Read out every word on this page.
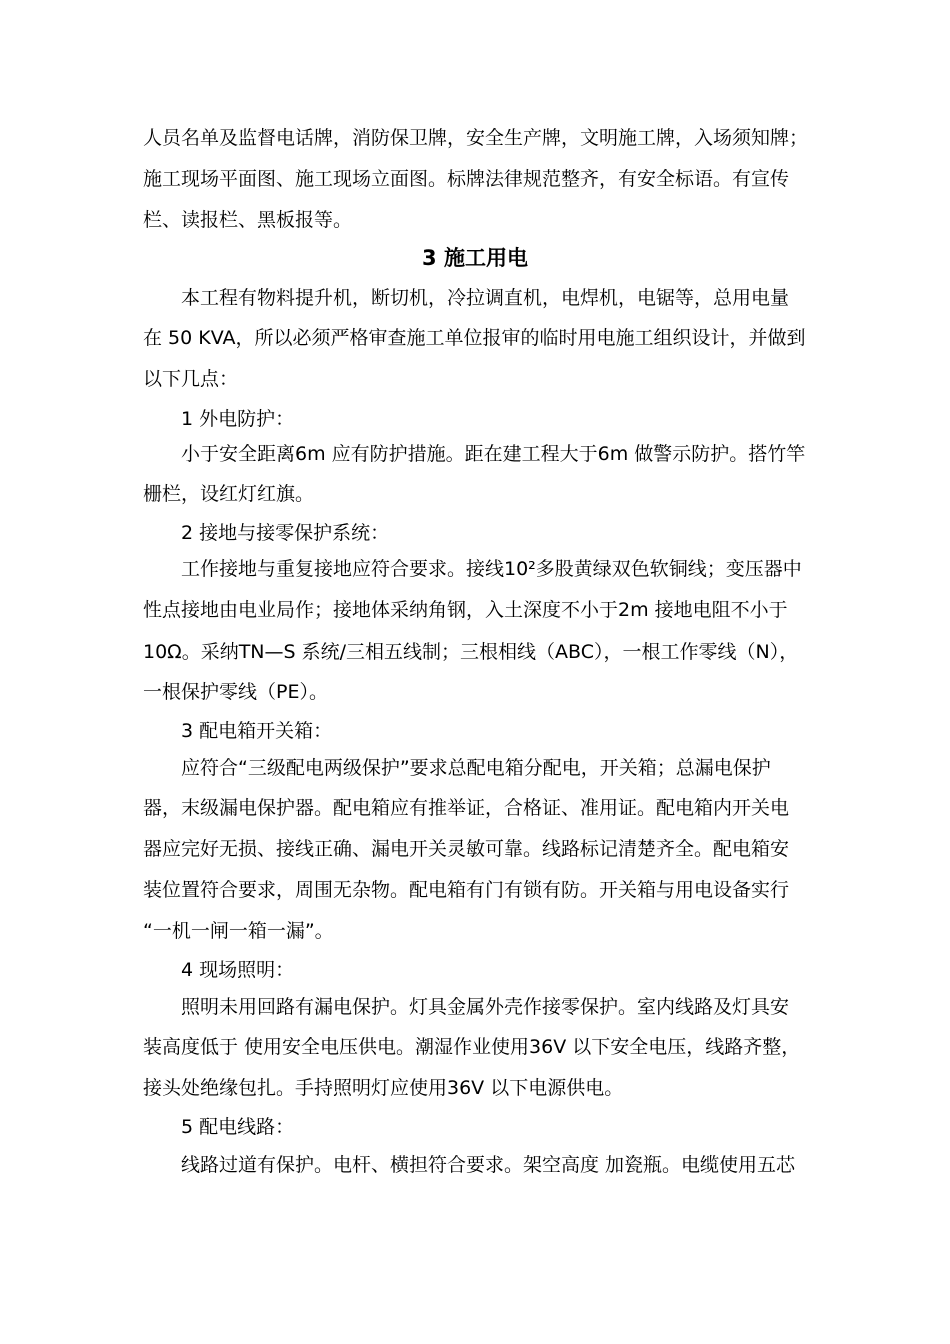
人员名单及监督电话牌，消防保卫牌，安全生产牌，文明施工牌，入场须知牌；
施工现场平面图、施工现场立面图。标牌法律规范整齐，有安全标语。有宣传
栏、读报栏、黑板报等。
3 施工用电
本工程有物料提升机，断切机，冷拉调直机，电焊机，电锯等，总用电量
在 50 KVA，所以必须严格审查施工单位报审的临时用电施工组织设计，并做到
以下几点：
1 外电防护：
小于安全距离6m 应有防护措施。距在建工程大于6m 做警示防护。搭竹竿
栅栏，设红灯红旗。
2 接地与接零保护系统：
工作接地与重复接地应符合要求。接线10²多股黄绿双色软铜线；变压器中
性点接地由电业局作；接地体采纳角钢，入土深度不小于2m 接地电阻不小于
10Ω。采纳TN—S 系统/三相五线制；三根相线（ABC），一根工作零线（N），
一根保护零线（PE）。
3 配电箱开关箱：
应符合“三级配电两级保护”要求总配电箱分配电，开关箱；总漏电保护
器，末级漏电保护器。配电箱应有推举证，合格证、准用证。配电箱内开关电
器应完好无损、接线正确、漏电开关灵敏可靠。线路标记清楚齐全。配电箱安
装位置符合要求，周围无杂物。配电箱有门有锁有防。开关箱与用电设备实行
“一机一闸一箱一漏”。
4 现场照明：
照明未用回路有漏电保护。灯具金属外壳作接零保护。室内线路及灯具安
装高度低于 使用安全电压供电。潮湿作业使用36V 以下安全电压，线路齐整，
接头处绝缘包扎。手持照明灯应使用36V 以下电源供电。
5 配电线路：
线路过道有保护。电杆、横担符合要求。架空高度 加瓷瓶。电缆使用五芯
